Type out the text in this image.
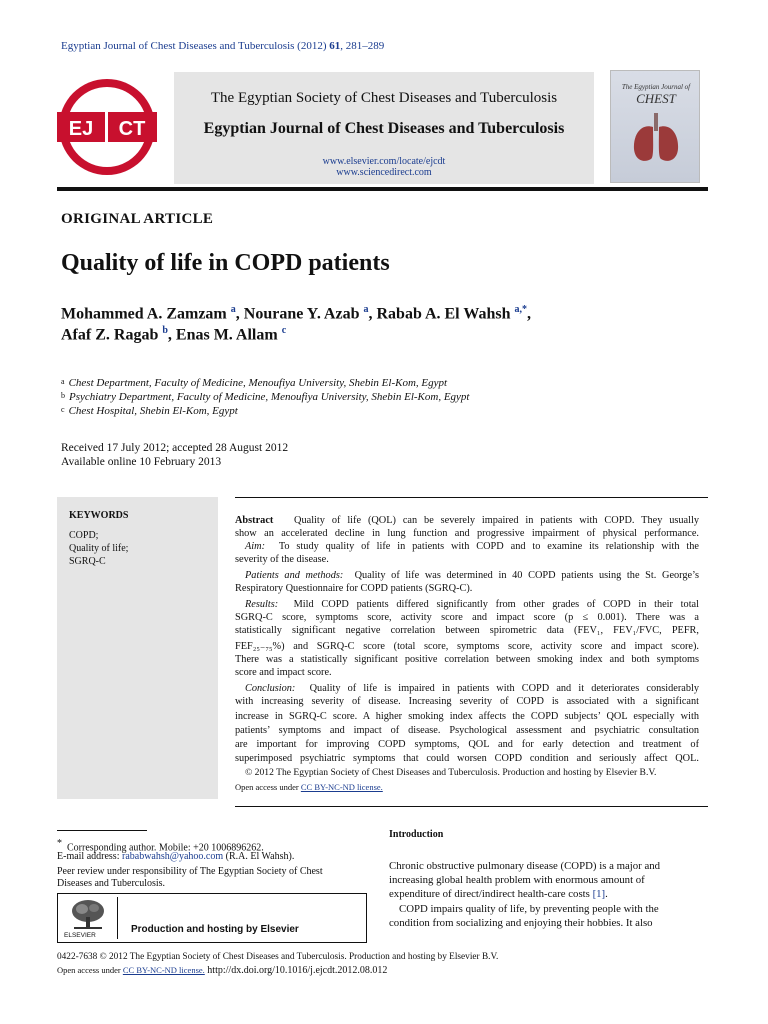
Egyptian Journal of Chest Diseases and Tuberculosis (2012) 61, 281–289
EJ CT
The Egyptian Society of Chest Diseases and Tuberculosis
Egyptian Journal of Chest Diseases and Tuberculosis
www.elsevier.com/locate/ejcdt
www.sciencedirect.com
The Egyptian Journal of
CHEST
ORIGINAL ARTICLE
Quality of life in COPD patients
Mohammed A. Zamzam $^a$, Nourane Y. Azab $^a$, Rabab A. El Wahsh $^{a,*}$,
Afaf Z. Ragab $^b$, Enas M. Allam $^c$
$^a$ Chest Department, Faculty of Medicine, Menoufiya University, Shebin El-Kom, Egypt
$^b$ Psychiatry Department, Faculty of Medicine, Menoufiya University, Shebin El-Kom, Egypt
$^c$ Chest Hospital, Shebin El-Kom, Egypt
Received 17 July 2012; accepted 28 August 2012
Available online 10 February 2013
KEYWORDS
COPD;
Quality of life;
SGRQ-C
Abstract Quality of life (QOL) can be severely impaired in patients with COPD. They usually
show an accelerated decline in lung function and progressive impairment of physical performance.
Aim: To study quality of life in patients with COPD and to examine its relationship with the
severity of the disease.
Patients and methods: Quality of life was determined in 40 COPD patients using the St. George’s
Respiratory Questionnaire for COPD patients (SGRQ-C).
Results: Mild COPD patients differed significantly from other grades of COPD in their total
SGRQ-C score, symptoms score, activity score and impact score (p ≤ 0.001). There was a
statistically significant negative correlation between spirometric data (FEV₁, FEV₁/FVC, PEFR,
FEF₂₅₋₇₅%) and SGRQ-C score (total score, symptoms score, activity score and impact score).
There was a statistically significant positive correlation between smoking index and both symptoms
score and impact score.
Conclusion: Quality of life is impaired in patients with COPD and it deteriorates considerably
with increasing severity of disease. Increasing severity of COPD is associated with a significant
increase in SGRQ-C score. A higher smoking index affects the COPD subjects’ QOL especially with
patients’ symptoms and impact of disease. Psychological assessment and psychiatric consultation
are important for improving COPD symptoms, QOL and for early detection and treatment of
superimposed psychiatric symptoms that could worsen COPD condition and seriously affect QOL.
© 2012 The Egyptian Society of Chest Diseases and Tuberculosis. Production and hosting by Elsevier B.V.
Open access under CC BY-NC-ND license.
* Corresponding author. Mobile: +20 1006896262.
E-mail address: rababwahsh@yahoo.com (R.A. El Wahsh).
Peer review under responsibility of The Egyptian Society of Chest
Diseases and Tuberculosis.
ELSEVIER
Production and hosting by Elsevier
Introduction
Chronic obstructive pulmonary disease (COPD) is a major and
increasing global health problem with enormous amount of
expenditure of direct/indirect health-care costs [1].
COPD impairs quality of life, by preventing people with the
condition from socializing and enjoying their hobbies. It also
0422-7638 © 2012 The Egyptian Society of Chest Diseases and Tuberculosis. Production and hosting by Elsevier B.V.
Open access under CC BY-NC-ND license. http://dx.doi.org/10.1016/j.ejcdt.2012.08.012
